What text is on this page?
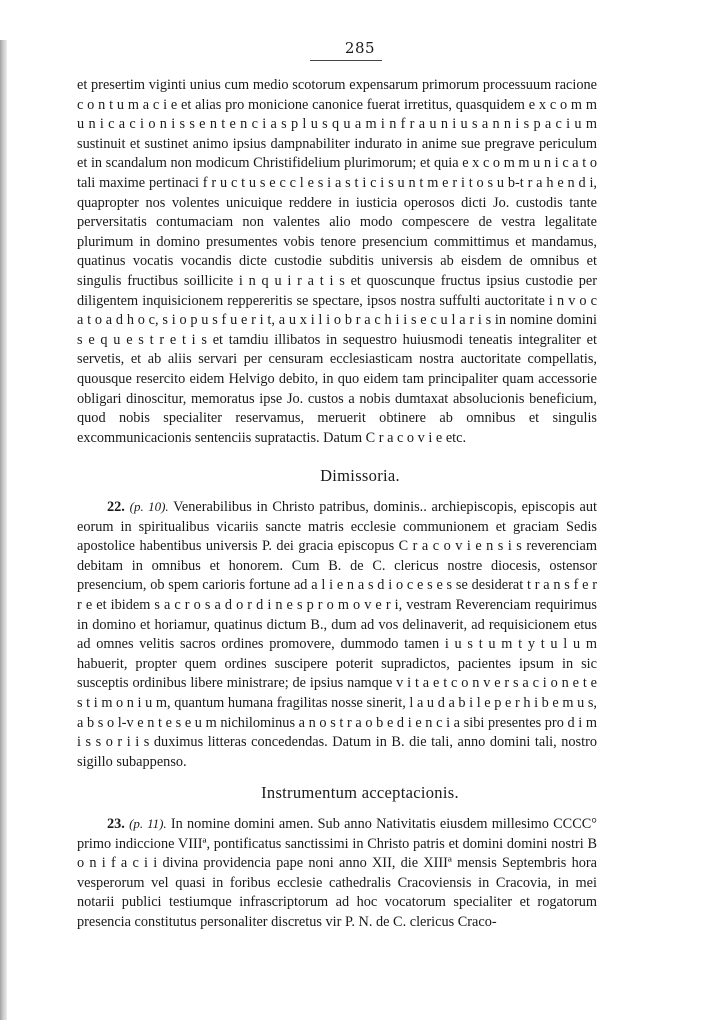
285
et presertim viginti unius cum medio scotorum expensarum primorum processuum racione c o n t u m a c i e et alias pro monicione canonice fuerat irretitus, quasquidem e x c o m m u n i c a c i o n i s s e n t e n c i a s p l u s q u a m i n f r a u n i u s a n n i s p a c i u m sustinuit et sustinet animo ipsius dampnabiliter indurato in anime sue pregrave periculum et in scandalum non modicum Christifidelium plurimorum; et quia e x c o m m u n i c a t o tali maxime pertinaci f r u c t u s e c c l e s i a s t i c i s u n t m e r i t o s u b-t r a h e n d i, quapropter nos volentes unicuique reddere in iusticia operosos dicti Jo. custodis tante perversitatis contumaciam non valentes alio modo compescere de vestra legalitate plurimum in domino presumentes vobis tenore presencium committimus et mandamus, quatinus vocatis vocandis dicte custodie subditis universis ab eisdem de omnibus et singulis fructibus soillicite i n q u i r a t i s et quoscunque fructus ipsius custodie per diligentem inquisicionem reppereritis se spectare, ipsos nostra suffulti auctoritate i n v o c a t o a d h o c, s i o p u s f u e r i t, a u x i l i o b r a c h i i s e c u l a r i s in nomine domini s e q u e s t r e t i s et tamdiu illibatos in sequestro huiusmodi teneatis integraliter et servetis, et ab aliis servari per censuram ecclesiasticam nostra auctoritate compellatis, quousque resercito eidem Helvigo debito, in quo eidem tam principaliter quam accessorie obligari dinoscitur, memoratus ipse Jo. custos a nobis dumtaxat absolucionis beneficium, quod nobis specialiter reservamus, meruerit obtinere ab omnibus et singulis excommunicacionis sentenciis supratactis. Datum C r a c o v i e etc.
Dimissoria.
22. (p. 10). Venerabilibus in Christo patribus, dominis.. archiepiscopis, episcopis aut eorum in spiritualibus vicariis sancte matris ecclesie communionem et graciam Sedis apostolice habentibus universis P. dei gracia episcopus C r a c o v i e n s i s reverenciam debitam in omnibus et honorem. Cum B. de C. clericus nostre diocesis, ostensor presencium, ob spem carioris fortune ad a l i e n a s d i o c e s e s se desiderat t r a n s f e r r e et ibidem s a c r o s a d o r d i n e s p r o m o v e r i, vestram Reverenciam requirimus in domino et horiamur, quatinus dictum B., dum ad vos delinaverit, ad requisicionem etus ad omnes velitis sacros ordines promovere, dummodo tamen i u s t u m t y t u l u m habuerit, propter quem ordines suscipere poterit supradictos, pacientes ipsum in sic susceptis ordinibus libere ministrare; de ipsius namque v i t a e t c o n v e r s a c i o n e t e s t i m o n i u m, quantum humana fragilitas nosse sinerit, l a u d a b i l e p e r h i b e m u s, a b s o l-v e n t e s e u m nichilominus a n o s t r a o b e d i e n c i a sibi presentes pro d i m i s s o r i i s duximus litteras concedendas. Datum in B. die tali, anno domini tali, nostro sigillo subappenso.
Instrumentum acceptacionis.
23. (p. 11). In nomine domini amen. Sub anno Nativitatis eiusdem millesimo CCCC° primo indiccione VIIIª, pontificatus sanctissimi in Christo patris et domini domini nostri B o n i f a c i i divina providencia pape noni anno XII, die XIIIª mensis Septembris hora vesperorum vel quasi in foribus ecclesie cathedralis Cracoviensis in Cracovia, in mei notarii publici testiumque infrascriptorum ad hoc vocatorum specialiter et rogatorum presencia constitutus personaliter discretus vir P. N. de C. clericus Craco-
